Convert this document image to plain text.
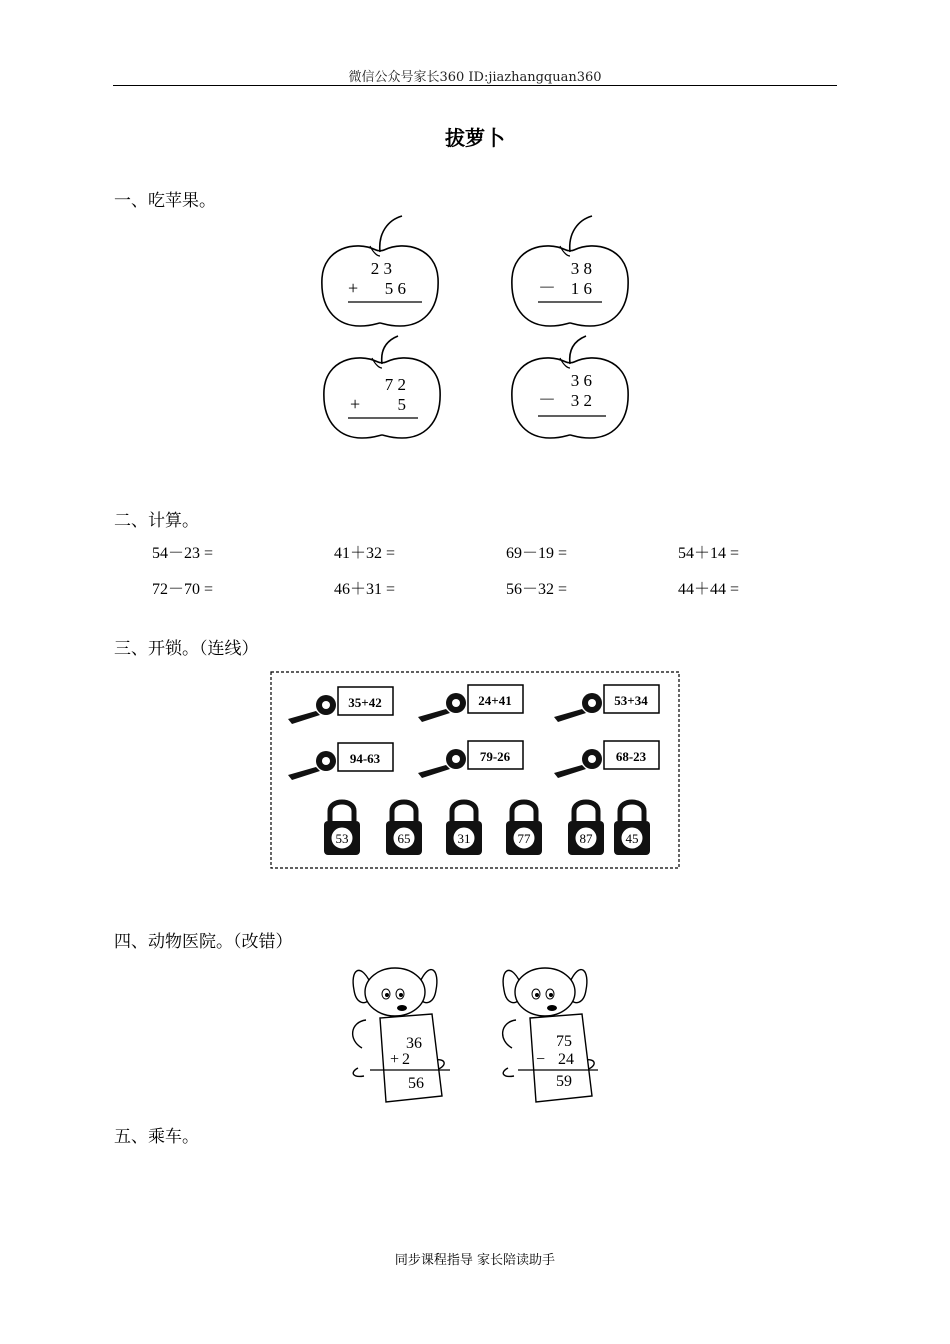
微信公众号家长360 ID:jiazhangquan360
拔萝卜
一、吃苹果。
2 3
+ 5 6
3 8
－ 1 6
7 2
+ 5
3 6
－ 3 2
二、计算。
54－23 =	41＋32 =	69－19 =	54＋14 =
72－70 =	46＋31 =	56－32 =	44＋44 =
三、开锁。（连线）
35+42	24+41	53+34
94-63	79-26	68-23
53	65	31	77	87	45
四、动物医院。（改错）
36
+ 2
56
75
− 24
59
五、乘车。
同步课程指导 家长陪读助手
